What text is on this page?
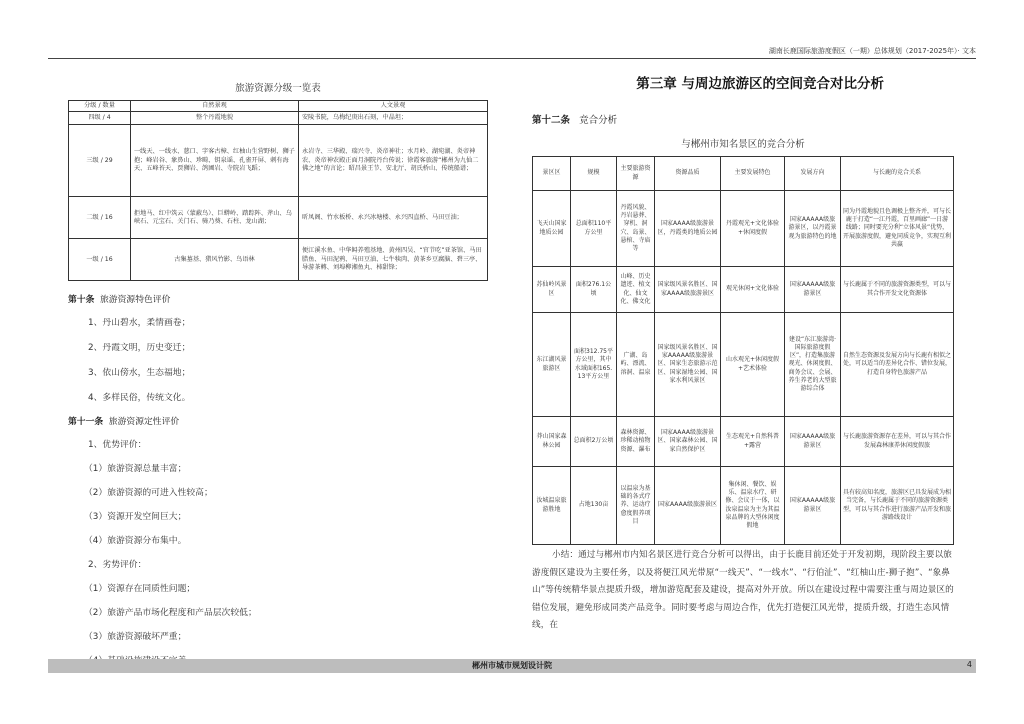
湖南长鹿国际旅游度假区（一期）总体规划（2017-2025年）· 文本
旅游资源分级一览表
分级 / 数量	自然景观	人文景观
四级 / 4	整个丹霞地貌	安陵书院，乌梅纪庚出石刻，中晶坦；
三级 / 29	一线天、一线水、慈口、字客古樟、红柚山生营野树、狮子抱；峰岩谷、象鼻山、珍畸、钥泉谣、孔雀开屏、刺有海天、五峰苔天、贾狮岩、鸽圃岩、寺院岩飞蹈；	永岩寺、三华殿、瑞兴寺、炎帝神社；水月岭、湖宛湖、炎帝神农、炎帝神农殿正面月洞院丹台传说；徐霞客旅游“郴州为九仙二佛之地”的言论；昭昌景王节、安北厅、胡氏桥山、传统船谱；
二级 / 16	拒地马、红中筑云（蒙蔽鸟）、巨蟒岭、踏踪阵、斧山、乌峡石、元宝石、关门石、骑乃葵、石柱、龙山湖；	昕凤阁、竹水板桥、永兴冰塘楼、永兴四直桥、马田豆油；
一级 / 16	古集墓基、猎风竹影、鸟语林	便江溪水鱼、中华鲟养殖基地、黄州四吴、“官节吃”亚茶馆、马田腊鱼、马田泥鸦、马田豆油、七牛犊肉、黄茶乡豆腐脑、碧三亭、导游茶轉、刘埠柳湘鱼丸、柿甜锋；
第十条 旅游资源特色评价
1、丹山碧水，柔情画卷；
2、丹霞文明，历史变迁；
3、依山傍水，生态福地；
4、多样民俗，传统文化。
第十一条 旅游资源定性评价
1、优势评价：
（1）旅游资源总量丰富；
（2）旅游资源的可进入性较高；
（3）资源开发空间巨大；
（4）旅游资源分布集中。
2、劣势评价：
（1）资源存在同质性问题；
（2）旅游产品市场化程度和产品层次较低；
（3）旅游资源破坏严重；
第三章 与周边旅游区的空间竞合对比分析
第十二条 竞合分析
与郴州市知名景区的竞合分析
景区区	规模	主要旅游资源	资源品质	主要发展特色	发展方向	与长鹿的竞合关系
飞天山国家地质公园	总面积110平方公里	丹霞风貌、丹岩悬葬、穿机、洞穴、岛景、悬棺、寺庙等	国家AAAA级旅游景区，丹霞类的地质公园	丹霞观光+文化体验+休闲度假	国家AAAAA级旅游景区，以丹霞景观为旅游特色的地	同为丹霞地貌且色调极上整齐并，可与长鹿于打造“一江丹霞，百里画廊”一日游线路；同时要充分利“立体风景”优势，开展旅游度假，避免同质竞争，实现互利共赢
苏仙岭风景区	面积276.1公顷	山峰、历史遗迹、植文化、仙文化、佛文化	国家级风景名胜区、国家AAAA级旅游景区	观光休闲+文化体验	国家AAAAA级旅游景区	与长鹿属于不同的旅游资源类型，可以与其合作开发文化资源体
东江湖风景旅游区	面积312.75平方公里，其中水域面积165.13平方公里	广湖、岛屿、漂流、溶洞、温泉	国家级风景名胜区、国家AAAAA级旅游景区、国家生态旅游示范区、国家湿地公园、国家水利风景区	山水观光+休闲度假+艺术体验	建设“东江旅游湾·国际旅游度假区”，打造集旅游观光、休闲度假、商务会议、会展、养生养老的大型旅游综合体	自然生态资源及发展方向与长鹿有相似之处，可以适当的差异化合作、错位发展，打造自身特色旅游产品
莽山国家森林公园	总面积2万公顷	森林资源、珍稀动植物资源、瀑布	国家AAAA级旅游景区、国家森林公园、国家自然保护区	生态观光+自然科普+露营	国家AAAAA级旅游景区	与长鹿旅游资源存在差异，可以与其合作发展森林康养休闲度假旅
汝城温泉旅游胜地	占地130亩	以温泉为基础的各式疗养、运动疗愈度假养项目	国家AAAA级旅游景区	集休闲、餐饮、娱乐、温泉水疗、研修、会议于一体，以汝泉温泉为主为其温泉品牌的大型休闲度假地	国家AAAAA级旅游景区	具有较高知名度，旅游区已具发展成为相当完备，与长鹿属于不同的旅游资源类型，可以与其合作进行旅游产品开发和旅游路线设计
小结：通过与郴州市内知名景区进行竞合分析可以得出，由于长鹿目前还处于开发初期，现阶段主要以旅游度假区建设为主要任务，以及将便江风光带原“一线天”、“一线水”、“行伯沚”、“红柚山庄-狮子抱”、“象鼻山”等传统精华景点提质升级，增加游览配套及建设，提高对外开放。所以在建设过程中需要注重与周边景区的错位发展，避免形成同类产品竞争。同时要考虑与周边合作，优先打造便江风光带，提质升级，打造生态风情线，在
郴州市城市规划设计院	4
